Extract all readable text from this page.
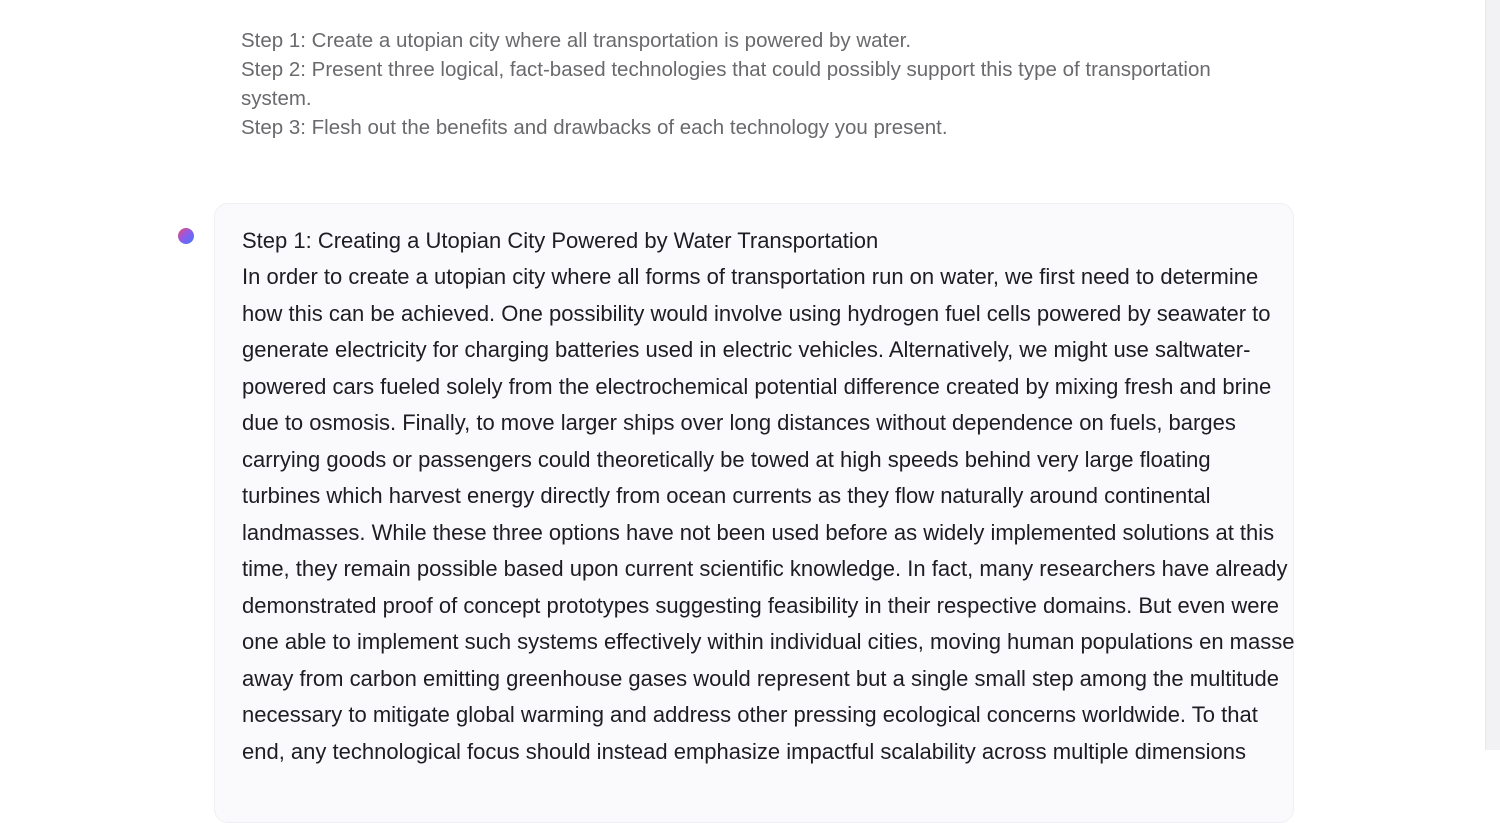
Step 1: Create a utopian city where all transportation is powered by water.
Step 2: Present three logical, fact-based technologies that could possibly support this type of transportation
system.
Step 3: Flesh out the benefits and drawbacks of each technology you present.
Step 1: Creating a Utopian City Powered by Water Transportation
In order to create a utopian city where all forms of transportation run on water, we first need to determine
how this can be achieved. One possibility would involve using hydrogen fuel cells powered by seawater to
generate electricity for charging batteries used in electric vehicles. Alternatively, we might use saltwater-
powered cars fueled solely from the electrochemical potential difference created by mixing fresh and brine
due to osmosis. Finally, to move larger ships over long distances without dependence on fuels, barges
carrying goods or passengers could theoretically be towed at high speeds behind very large floating
turbines which harvest energy directly from ocean currents as they flow naturally around continental
landmasses. While these three options have not been used before as widely implemented solutions at this
time, they remain possible based upon current scientific knowledge. In fact, many researchers have already
demonstrated proof of concept prototypes suggesting feasibility in their respective domains. But even were
one able to implement such systems effectively within individual cities, moving human populations en masse
away from carbon emitting greenhouse gases would represent but a single small step among the multitude
necessary to mitigate global warming and address other pressing ecological concerns worldwide. To that
end, any technological focus should instead emphasize impactful scalability across multiple dimensions
